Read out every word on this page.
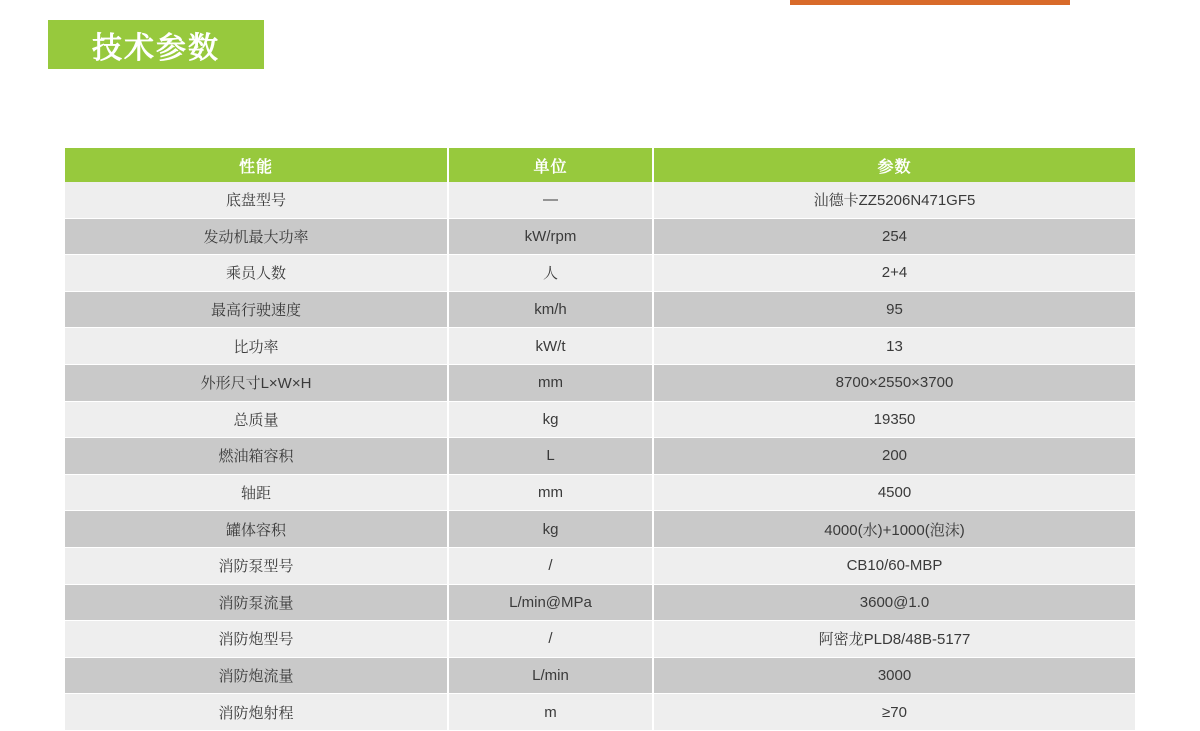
技术参数
性能	单位	参数
底盘型号	—	汕德卡ZZ5206N471GF5
发动机最大功率	kW/rpm	254
乘员人数	人	2+4
最高行驶速度	km/h	95
比功率	kW/t	13
外形尺寸L×W×H	mm	8700×2550×3700
总质量	kg	19350
燃油箱容积	L	200
轴距	mm	4500
罐体容积	kg	4000(水)+1000(泡沫)
消防泵型号	/	CB10/60-MBP
消防泵流量	L/min@MPa	3600@1.0
消防炮型号	/	阿密龙PLD8/48B-5177
消防炮流量	L/min	3000
消防炮射程	m	≥70
